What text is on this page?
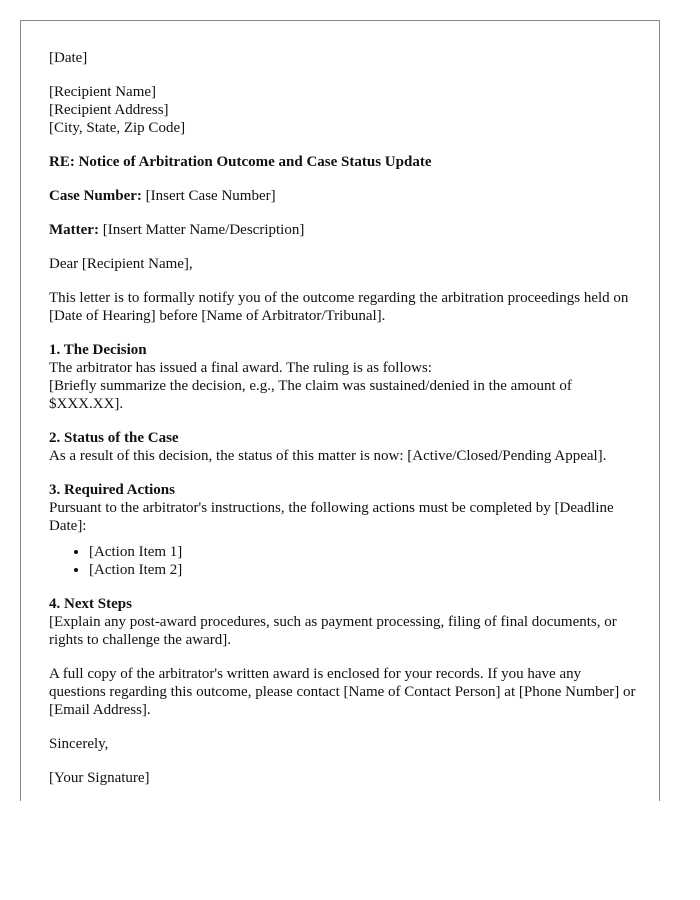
[Date]

[Recipient Name]

[Recipient Address]

[City, State, Zip Code]

RE: Notice of Arbitration Outcome and Case Status Update

Case Number: [Insert Case Number]

Matter: [Insert Matter Name/Description]

Dear [Recipient Name],

This letter is to formally notify you of the outcome regarding the arbitration proceedings held on [Date of Hearing] before [Name of Arbitrator/Tribunal].

1. The Decision

The arbitrator has issued a final award. The ruling is as follows:

[Briefly summarize the decision, e.g., The claim was sustained/denied in the amount of $XXX.XX].

2. Status of the Case

As a result of this decision, the status of this matter is now: [Active/Closed/Pending Appeal].

3. Required Actions

Pursuant to the arbitrator's instructions, the following actions must be completed by [Deadline Date]:

• [Action Item 1]
• [Action Item 2]

4. Next Steps

[Explain any post-award procedures, such as payment processing, filing of final documents, or rights to challenge the award].

A full copy of the arbitrator's written award is enclosed for your records. If you have any questions regarding this outcome, please contact [Name of Contact Person] at [Phone Number] or [Email Address].

Sincerely,

[Your Signature]
